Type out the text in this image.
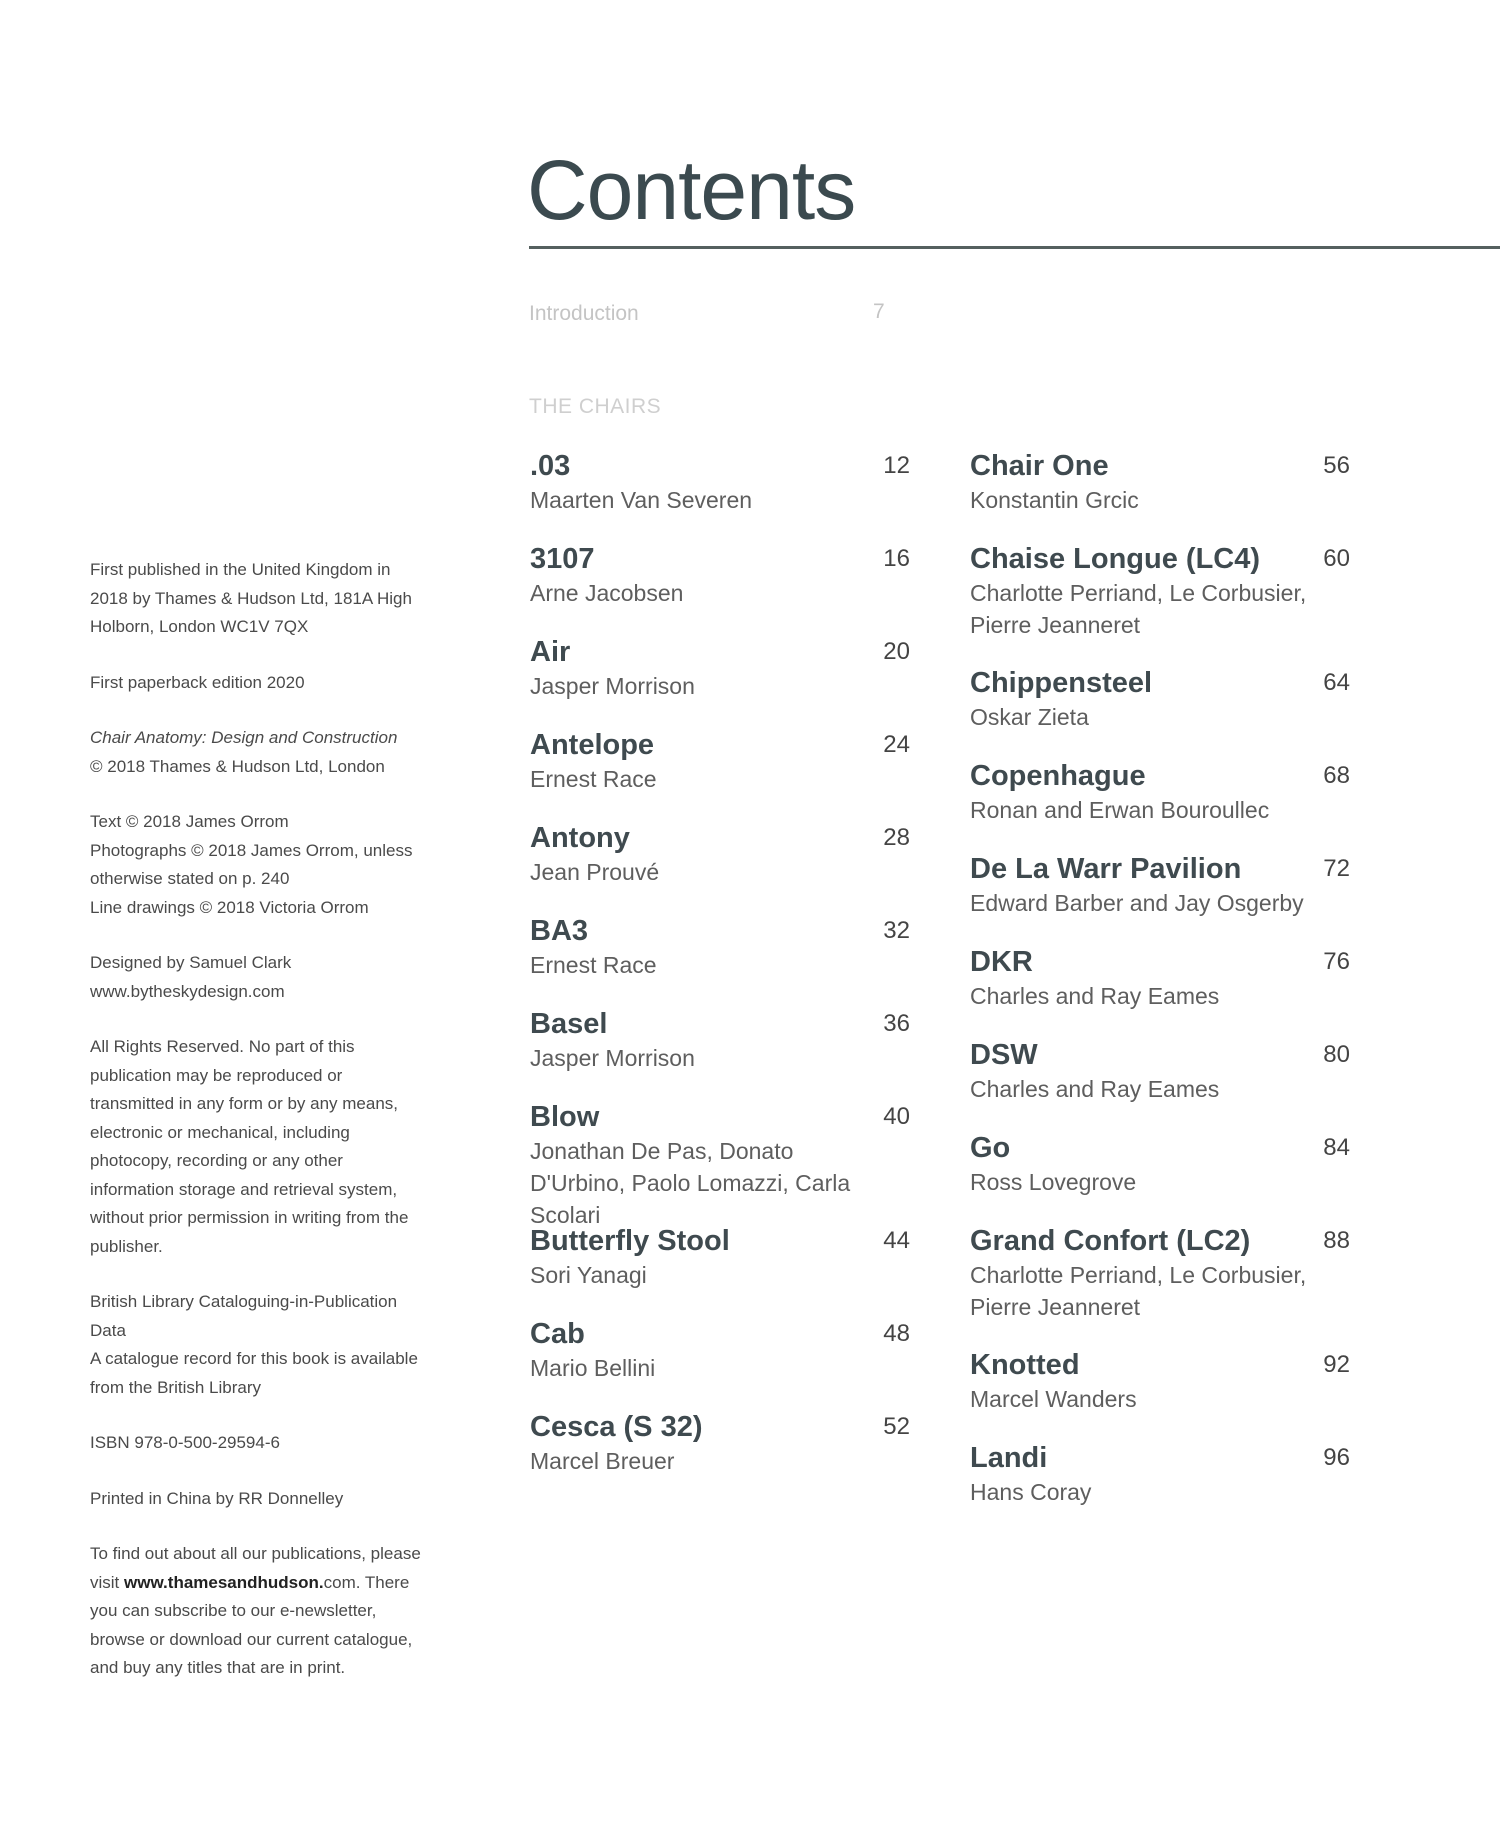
Contents
Introduction	7
THE CHAIRS
.03
Maarten Van Severen
12
3107
Arne Jacobsen
16
Air
Jasper Morrison
20
Antelope
Ernest Race
24
Antony
Jean Prouvé
28
BA3
Ernest Race
32
Basel
Jasper Morrison
36
Blow
Jonathan De Pas, Donato D'Urbino, Paolo Lomazzi, Carla Scolari
40
Butterfly Stool
Sori Yanagi
44
Cab
Mario Bellini
48
Cesca (S 32)
Marcel Breuer
52
Chair One
Konstantin Grcic
56
Chaise Longue (LC4)
Charlotte Perriand, Le Corbusier, Pierre Jeanneret
60
Chippensteel
Oskar Zieta
64
Copenhague
Ronan and Erwan Bouroullec
68
De La Warr Pavilion
Edward Barber and Jay Osgerby
72
DKR
Charles and Ray Eames
76
DSW
Charles and Ray Eames
80
Go
Ross Lovegrove
84
Grand Confort (LC2)
Charlotte Perriand, Le Corbusier, Pierre Jeanneret
88
Knotted
Marcel Wanders
92
Landi
Hans Coray
96

First published in the United Kingdom in 2018 by Thames & Hudson Ltd, 181A High Holborn, London WC1V 7QX

First paperback edition 2020

Chair Anatomy: Design and Construction
© 2018 Thames & Hudson Ltd, London

Text © 2018 James Orrom
Photographs © 2018 James Orrom, unless otherwise stated on p. 240
Line drawings © 2018 Victoria Orrom

Designed by Samuel Clark
www.bytheskydesign.com

All Rights Reserved. No part of this publication may be reproduced or transmitted in any form or by any means, electronic or mechanical, including photocopy, recording or any other information storage and retrieval system, without prior permission in writing from the publisher.

British Library Cataloguing-in-Publication Data
A catalogue record for this book is available from the British Library

ISBN 978-0-500-29594-6

Printed in China by RR Donnelley

To find out about all our publications, please visit www.thamesandhudson.com. There you can subscribe to our e-newsletter, browse or download our current catalogue, and buy any titles that are in print.
